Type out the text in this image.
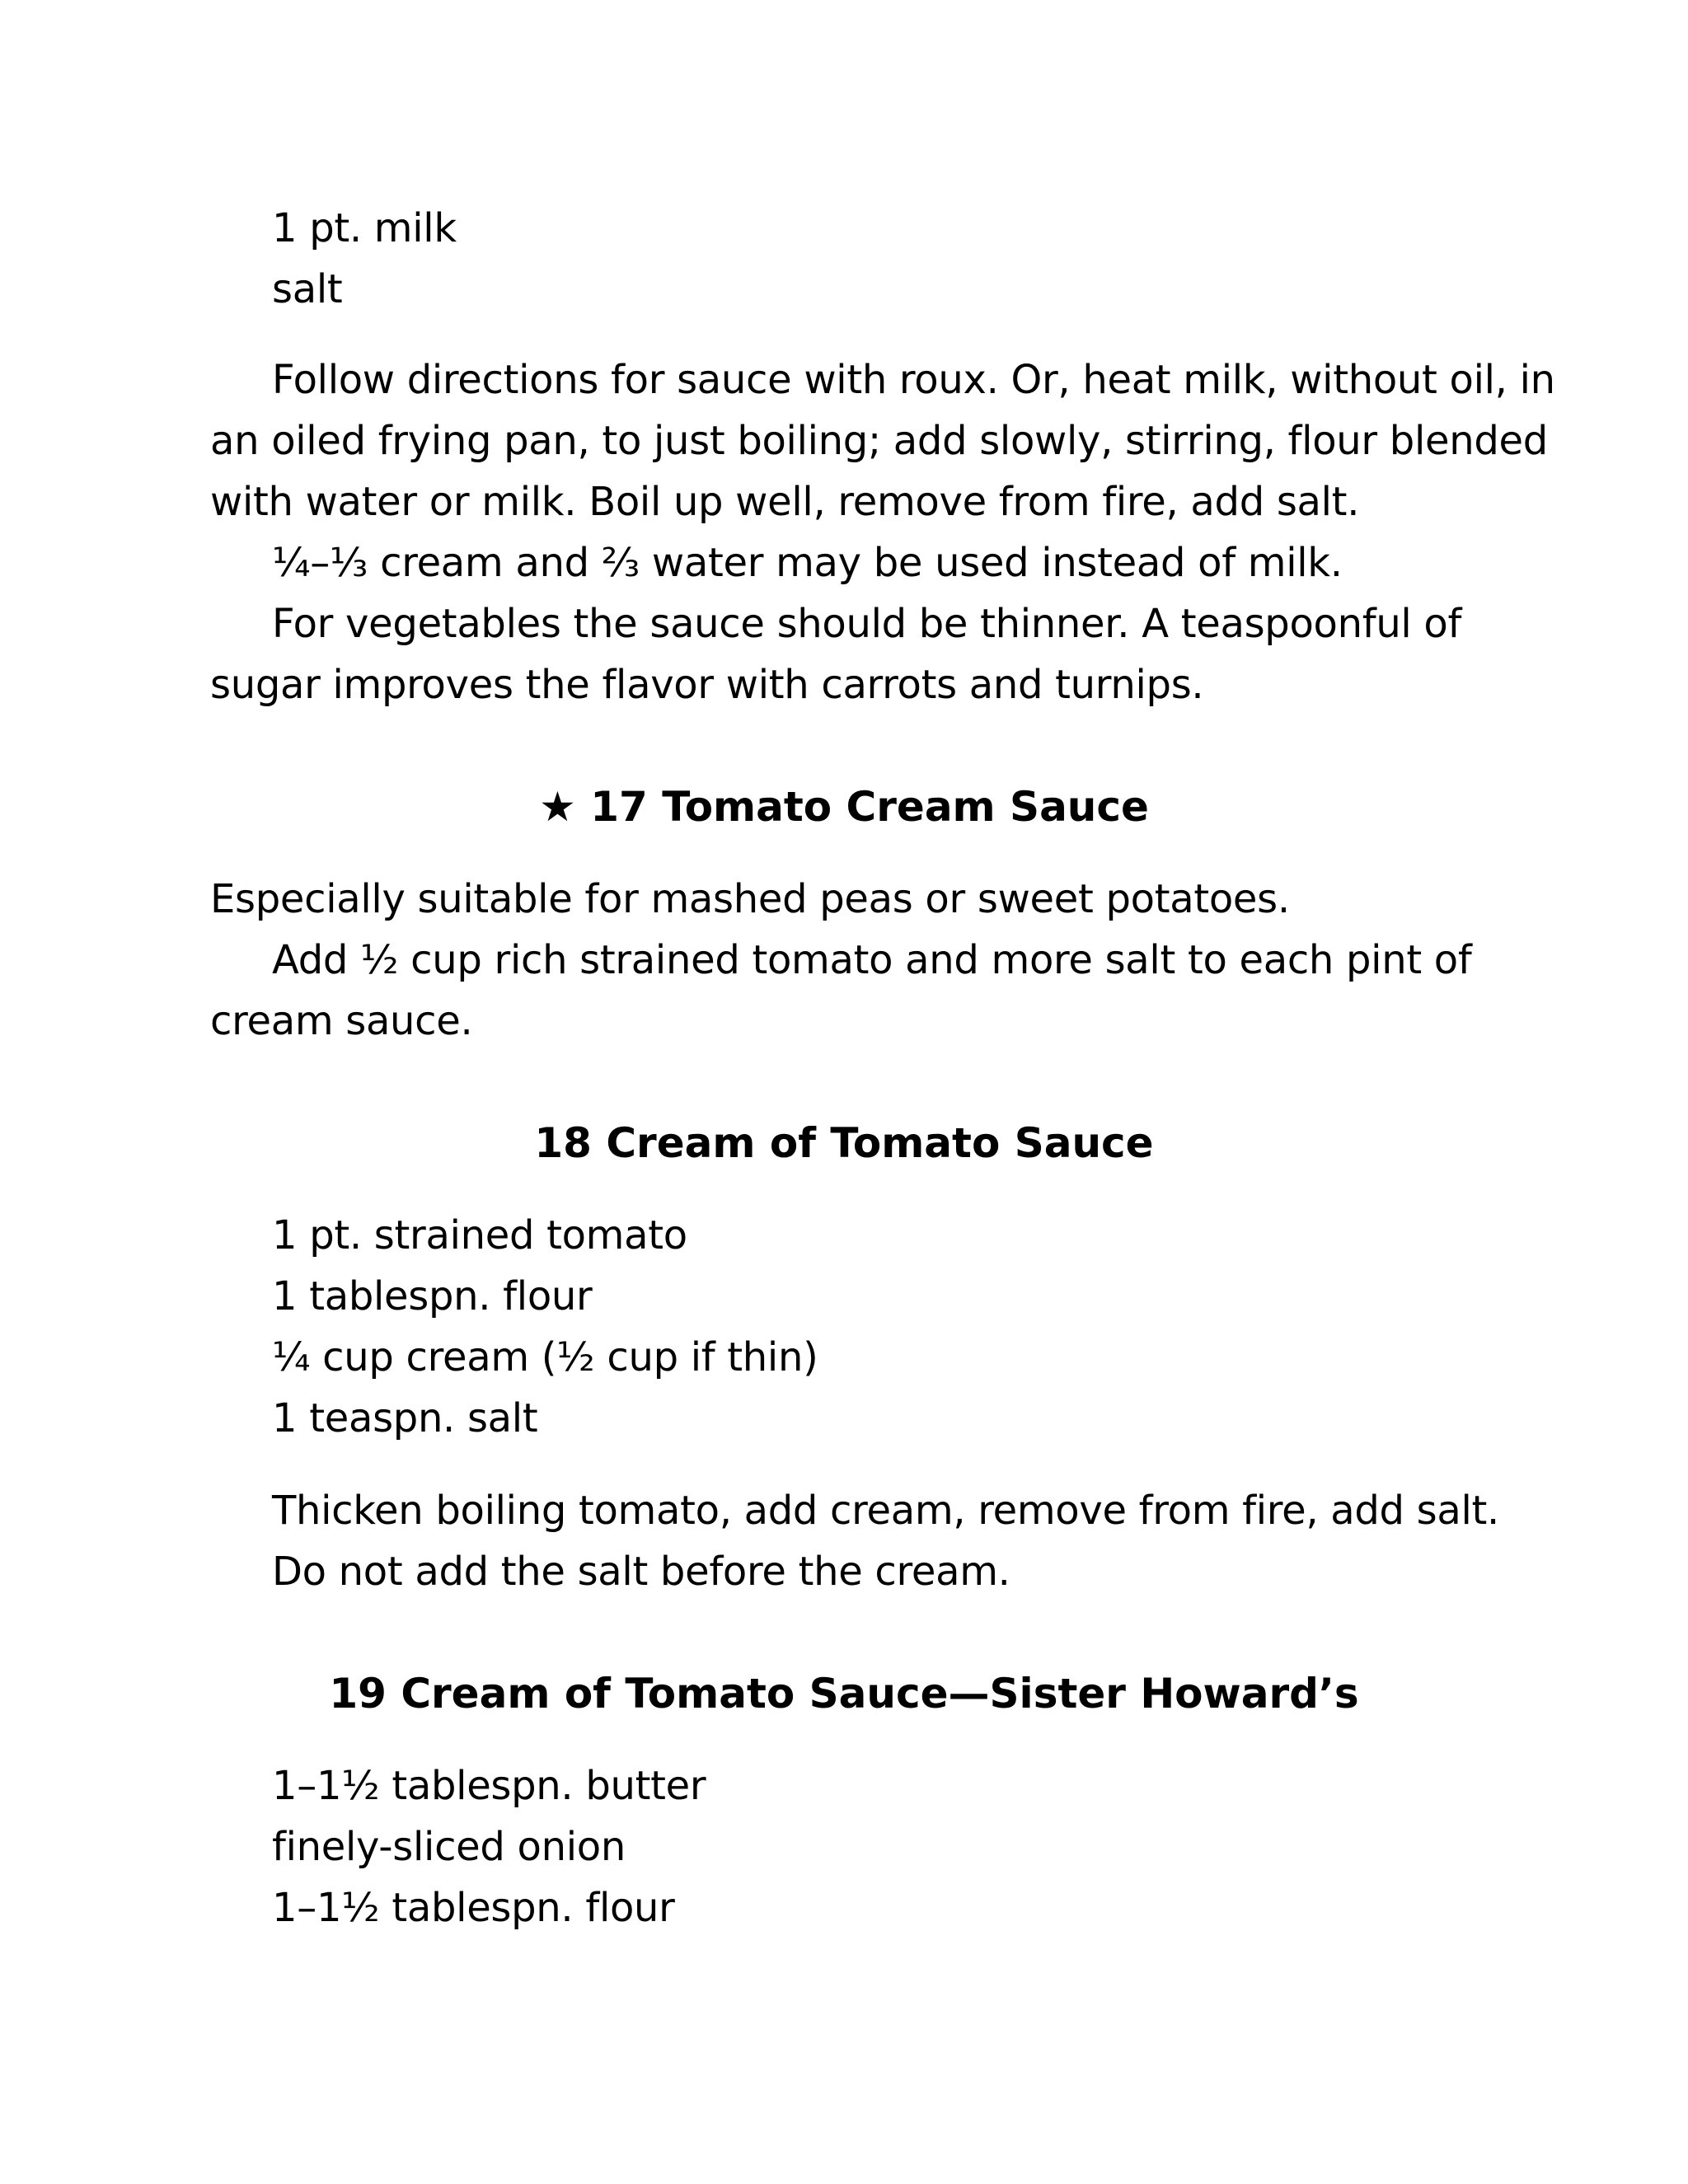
1 pt. milk
salt
Follow directions for sauce with roux. Or, heat milk, without oil, in
an oiled frying pan, to just boiling; add slowly, stirring, flour blended
with water or milk. Boil up well, remove from fire, add salt.
¼–⅓ cream and ⅔ water may be used instead of milk.
For vegetables the sauce should be thinner. A teaspoonful of
sugar improves the flavor with carrots and turnips.
★ 17 Tomato Cream Sauce
Especially suitable for mashed peas or sweet potatoes.
Add ½ cup rich strained tomato and more salt to each pint of
cream sauce.
18 Cream of Tomato Sauce
1 pt. strained tomato
1 tablespn. flour
¼ cup cream (½ cup if thin)
1 teaspn. salt
Thicken boiling tomato, add cream, remove from fire, add salt.
Do not add the salt before the cream.
19 Cream of Tomato Sauce—Sister Howard’s
1–1½ tablespn. butter
finely-sliced onion
1–1½ tablespn. flour
